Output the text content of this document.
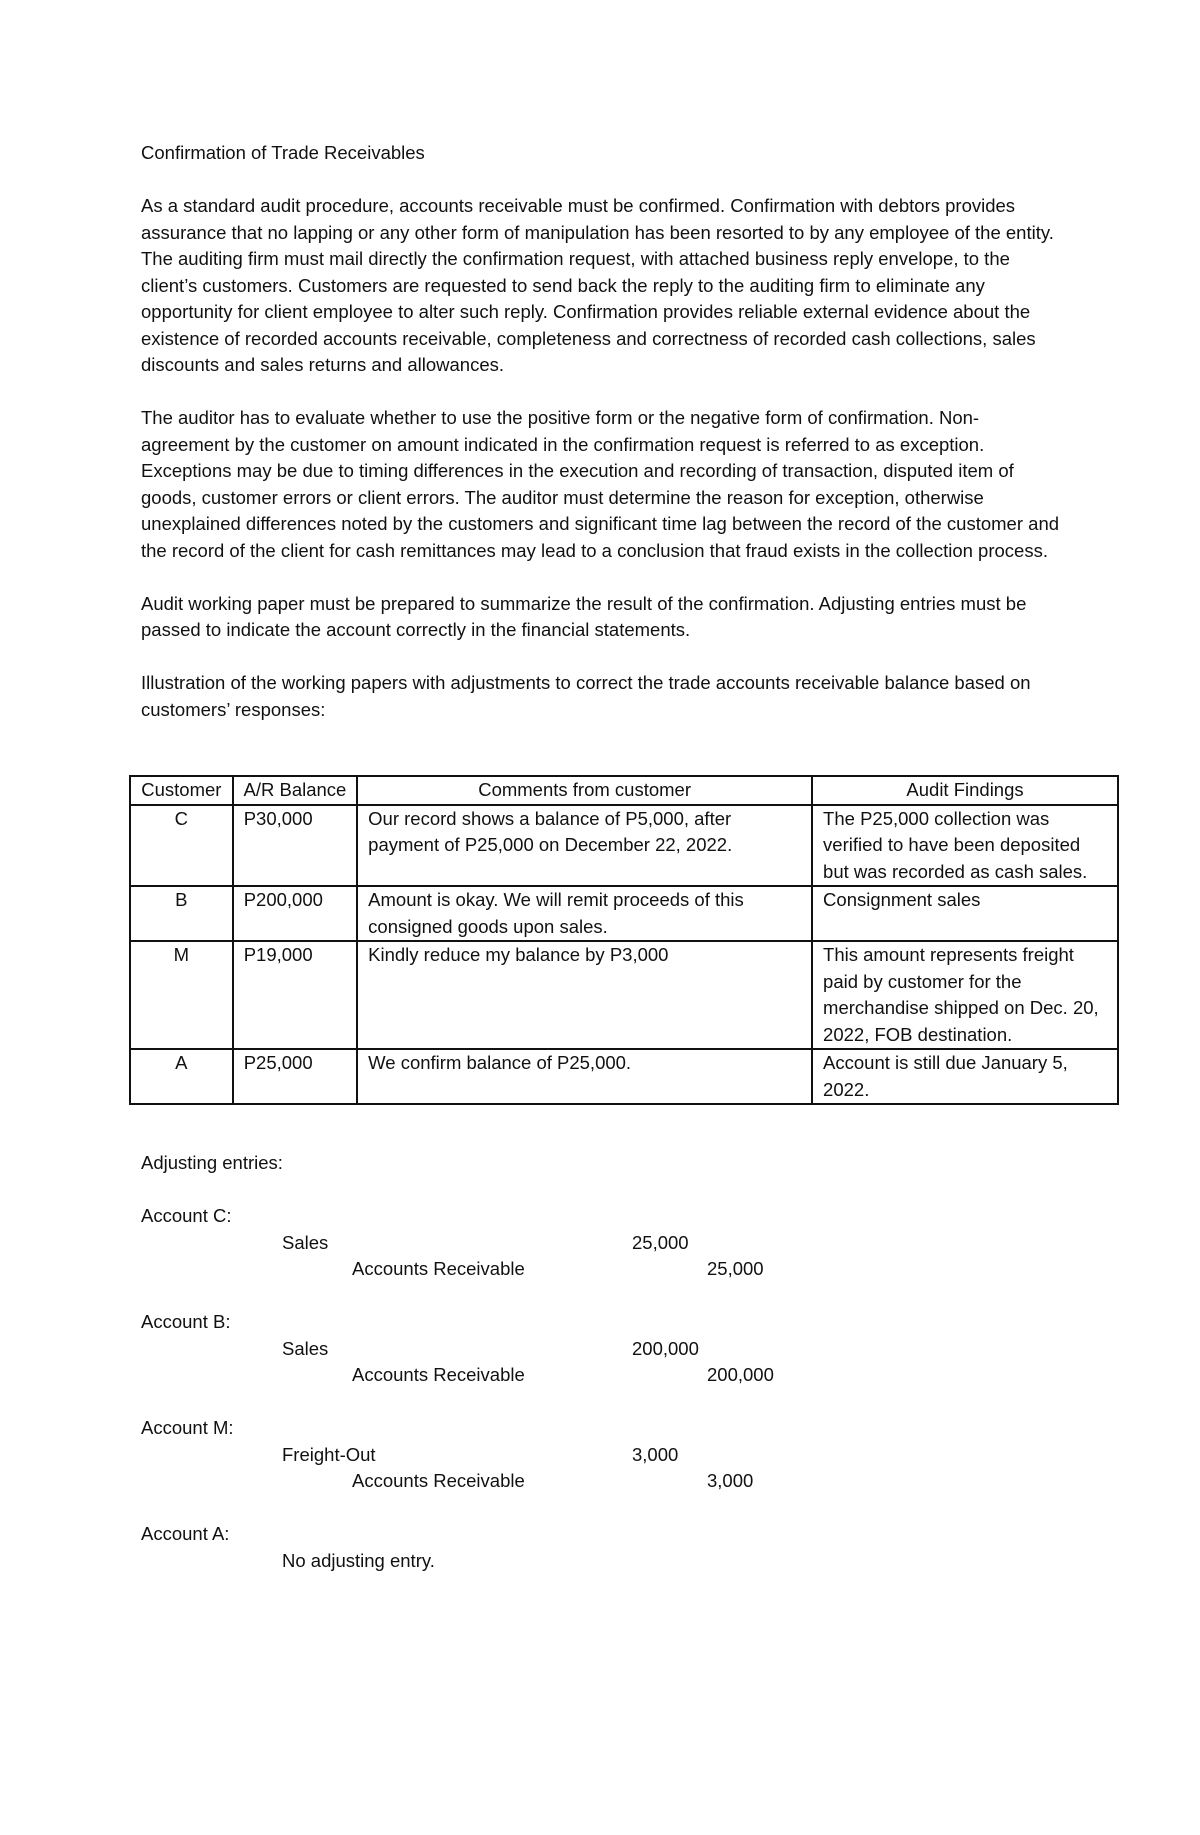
Confirmation of Trade Receivables

As a standard audit procedure, accounts receivable must be confirmed. Confirmation with debtors provides assurance that no lapping or any other form of manipulation has been resorted to by any employee of the entity. The auditing firm must mail directly the confirmation request, with attached business reply envelope, to the client’s customers. Customers are requested to send back the reply to the auditing firm to eliminate any opportunity for client employee to alter such reply. Confirmation provides reliable external evidence about the existence of recorded accounts receivable, completeness and correctness of recorded cash collections, sales discounts and sales returns and allowances.

The auditor has to evaluate whether to use the positive form or the negative form of confirmation. Non-agreement by the customer on amount indicated in the confirmation request is referred to as exception. Exceptions may be due to timing differences in the execution and recording of transaction, disputed item of goods, customer errors or client errors. The auditor must determine the reason for exception, otherwise unexplained differences noted by the customers and significant time lag between the record of the customer and the record of the client for cash remittances may lead to a conclusion that fraud exists in the collection process.

Audit working paper must be prepared to summarize the result of the confirmation. Adjusting entries must be passed to indicate the account correctly in the financial statements.

Illustration of the working papers with adjustments to correct the trade accounts receivable balance based on customers’ responses:

Customer	A/R Balance	Comments from customer	Audit Findings
C	P30,000	Our record shows a balance of P5,000, after payment of P25,000 on December 22, 2022.	The P25,000 collection was verified to have been deposited but was recorded as cash sales.
B	P200,000	Amount is okay. We will remit proceeds of this consigned goods upon sales.	Consignment sales
M	P19,000	Kindly reduce my balance by P3,000	This amount represents freight paid by customer for the merchandise shipped on Dec. 20, 2022, FOB destination.
A	P25,000	We confirm balance of P25,000.	Account is still due January 5, 2022.

Adjusting entries:

Account C:
Sales	25,000
Accounts Receivable	25,000
Account B:
Sales	200,000
Accounts Receivable	200,000
Account M:
Freight-Out	3,000
Accounts Receivable	3,000
Account A:
No adjusting entry.
